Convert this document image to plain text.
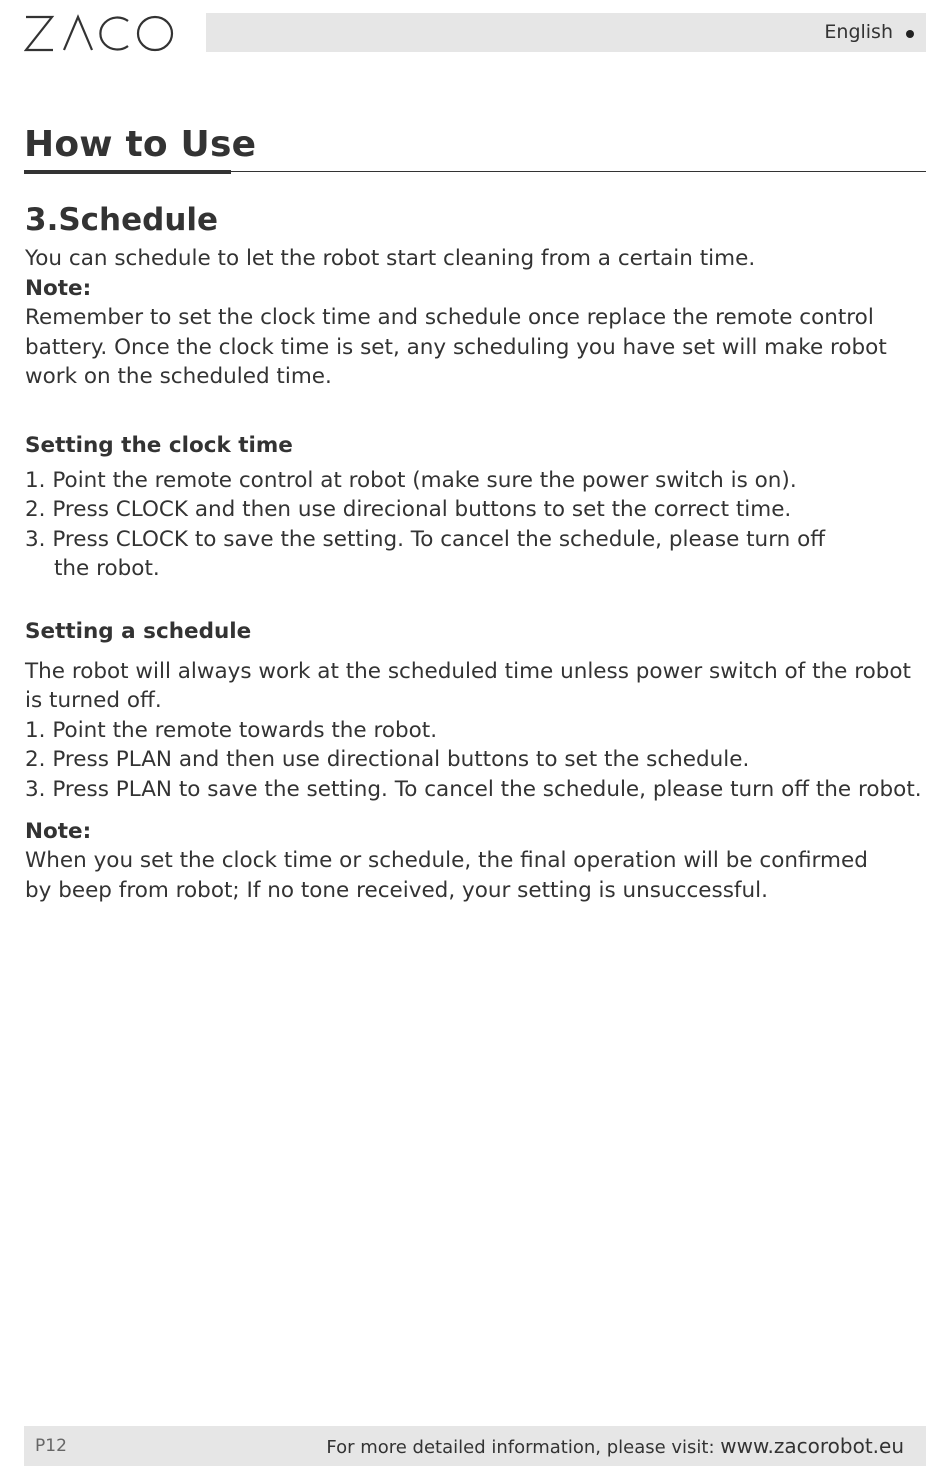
English
How to Use
3.Schedule

You can schedule to let the robot start cleaning from a certain time.

Note:

Remember to set the clock time and schedule once replace the remote control

battery. Once the clock time is set, any scheduling you have set will make robot

work on the scheduled time.

Setting the clock time
1. Point the remote control at robot (make sure the power switch is on).
2. Press CLOCK and then use direcional buttons to set the correct time.
3. Press CLOCK to save the setting. To cancel the schedule, please turn off
the robot.
Setting a schedule

The robot will always work at the scheduled time unless power switch of the robot

is turned off.

1. Point the remote towards the robot.
2. Press PLAN and then use directional buttons to set the schedule.
3. Press PLAN to save the setting. To cancel the schedule, please turn off the robot.

Note:

When you set the clock time or schedule, the final operation will be confirmed

by beep from robot; If no tone received, your setting is unsuccessful.

P12	For more detailed information, please visit: www.zacorobot.eu
